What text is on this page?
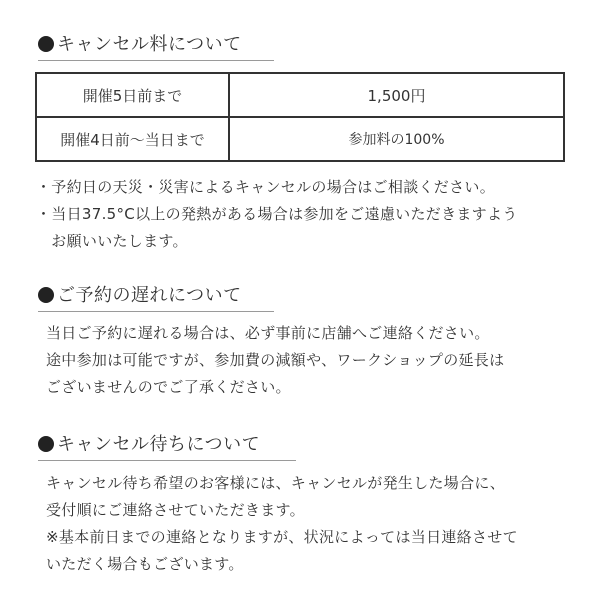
キャンセル料について
開催5日前まで	1,500円
開催4日前〜当日まで	参加料の100%

・予約日の天災・災害によるキャンセルの場合はご相談ください。

・当日37.5°C以上の発熱がある場合は参加をご遠慮いただきますよう

　お願いいたします。

ご予約の遅れについて

当日ご予約に遅れる場合は、必ず事前に店舗へご連絡ください。

途中参加は可能ですが、参加費の減額や、ワークショップの延長は

ございませんのでご了承ください。

キャンセル待ちについて

キャンセル待ち希望のお客様には、キャンセルが発生した場合に、

受付順にご連絡させていただきます。

※基本前日までの連絡となりますが、状況によっては当日連絡させて

いただく場合もございます。
